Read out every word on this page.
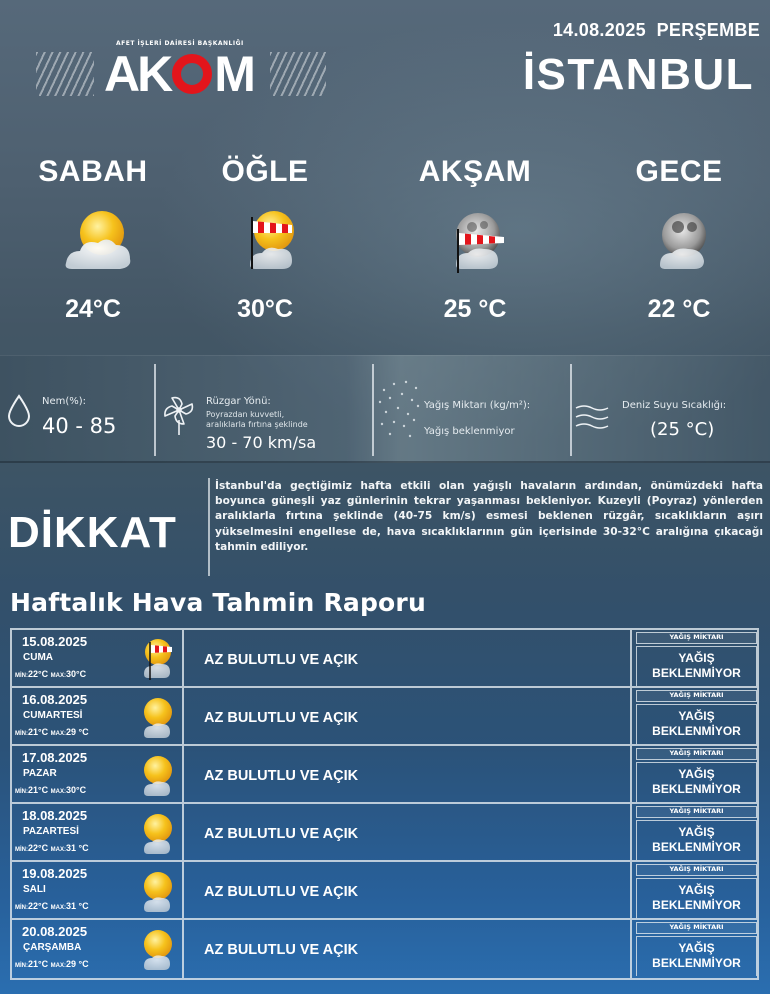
AFET İŞLERİ DAİRESİ BAŞKANLIĞI
AK M
14.08.2025 PERŞEMBE
İSTANBUL
SABAH
24°C
ÖĞLE
30°C
AKŞAM
25 °C
GECE
22 °C
Nem(%):
40 - 85
Rüzgar Yönü:
Poyrazdan kuvvetli,
aralıklarla fırtına şeklinde
30 - 70 km/sa
Yağış Miktarı (kg/m²):
Yağış beklenmiyor
Deniz Suyu Sıcaklığı:
(25 °C)
DİKKAT
İstanbul'da geçtiğimiz hafta etkili olan yağışlı havaların ardından, önümüzdeki hafta boyunca güneşli yaz günlerinin tekrar yaşanması bekleniyor. Kuzeyli (Poyraz) yönlerden aralıklarla fırtına şeklinde (40-75 km/s) esmesi beklenen rüzgâr, sıcaklıkların aşırı yükselmesini engellese de, hava sıcaklıklarının gün içerisinde 30-32°C aralığına çıkacağı tahmin ediliyor.
Haftalık Hava Tahmin Raporu
15.08.2025
CUMA
MİN:22°C MAX:30°C
AZ BULUTLU VE AÇIK
YAĞIŞ MİKTARI
YAĞIŞ
BEKLENMİYOR
16.08.2025
CUMARTESİ
MİN:21°C MAX:29 °C
AZ BULUTLU VE AÇIK
YAĞIŞ MİKTARI
YAĞIŞ
BEKLENMİYOR
17.08.2025
PAZAR
MİN:21°C MAX:30°C
AZ BULUTLU VE AÇIK
YAĞIŞ MİKTARI
YAĞIŞ
BEKLENMİYOR
18.08.2025
PAZARTESİ
MİN:22°C MAX:31 °C
AZ BULUTLU VE AÇIK
YAĞIŞ MİKTARI
YAĞIŞ
BEKLENMİYOR
19.08.2025
SALI
MİN:22°C MAX:31 °C
AZ BULUTLU VE AÇIK
YAĞIŞ MİKTARI
YAĞIŞ
BEKLENMİYOR
20.08.2025
ÇARŞAMBA
MİN:21°C MAX:29 °C
AZ BULUTLU VE AÇIK
YAĞIŞ MİKTARI
YAĞIŞ
BEKLENMİYOR
